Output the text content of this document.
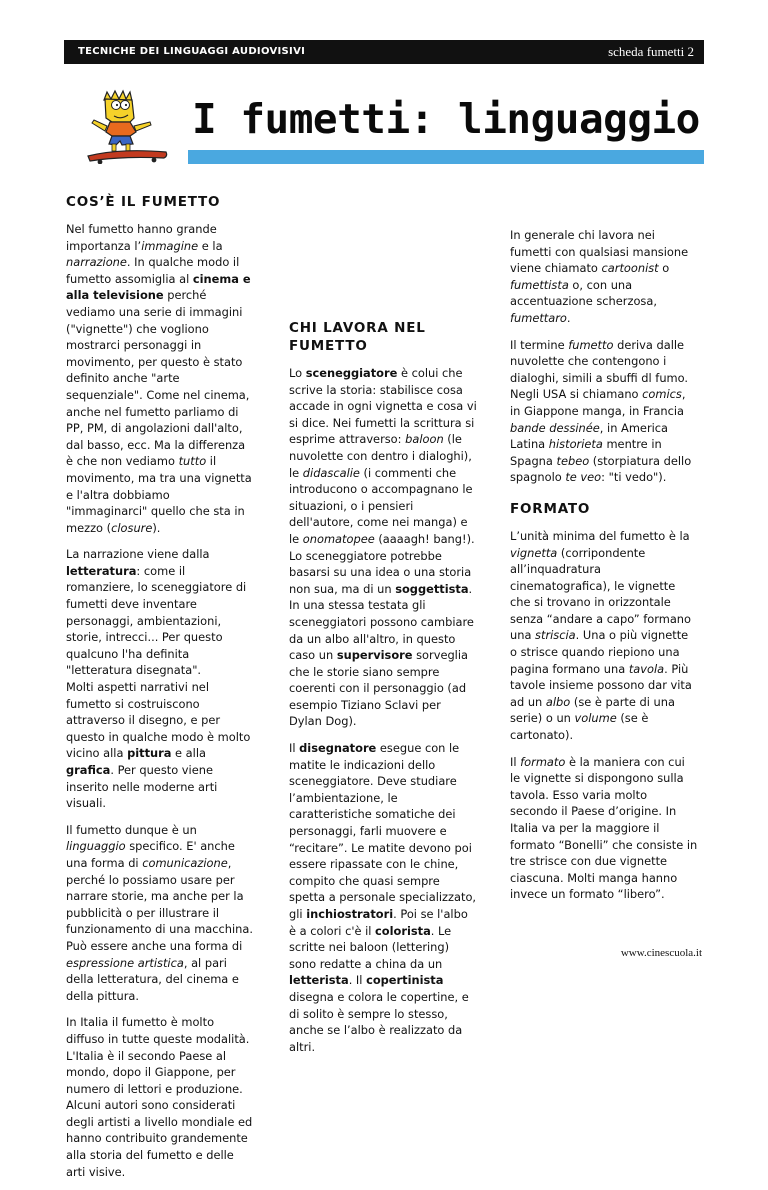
TECNICHE DEI LINGUAGGI AUDIOVISIVI	scheda fumetti 2
I fumetti: linguaggio
COS’È IL FUMETTO

Nel fumetto hanno grande importanza l’immagine e la narrazione. In qualche modo il fumetto assomiglia al cinema e alla televisione perché vediamo una serie di immagini ("vignette") che vogliono mostrarci personaggi in movimento, per questo è stato definito anche "arte sequenziale". Come nel cinema, anche nel fumetto parliamo di PP, PM, di angolazioni dall'alto, dal basso, ecc. Ma la differenza è che non vediamo tutto il movimento, ma tra una vignetta e l'altra dobbiamo "immaginarci" quello che sta in mezzo (closure).

La narrazione viene dalla letteratura: come il romanziere, lo sceneggiatore di fumetti deve inventare personaggi, ambientazioni, storie, intrecci... Per questo qualcuno l'ha definita "letteratura disegnata".
Molti aspetti narrativi nel fumetto si costruiscono attraverso il disegno, e per questo in qualche modo è molto vicino alla pittura e alla grafica. Per questo viene inserito nelle moderne arti visuali.

Il fumetto dunque è un linguaggio specifico. E' anche una forma di comunicazione, perché lo possiamo usare per narrare storie, ma anche per la pubblicità o per illustrare il funzionamento di una macchina. Può essere anche una forma di espressione artistica, al pari della letteratura, del cinema e della pittura.

In Italia il fumetto è molto diffuso in tutte queste modalità. L'Italia è il secondo Paese al mondo, dopo il Giappone, per numero di lettori e produzione. Alcuni autori sono considerati degli artisti a livello mondiale ed hanno contribuito grandemente alla storia del fumetto e delle arti visive.

CHI LAVORA NEL FUMETTO

Lo sceneggiatore è colui che scrive la storia: stabilisce cosa accade in ogni vignetta e cosa vi si dice. Nei fumetti la scrittura si esprime attraverso: baloon (le nuvolette con dentro i dialoghi), le didascalie (i commenti che introducono o accompagnano le situazioni, o i pensieri dell'autore, come nei manga) e le onomatopee (aaaagh! bang!). Lo sceneggiatore potrebbe basarsi su una idea o una storia non sua, ma di un soggettista. In una stessa testata gli sceneggiatori possono cambiare da un albo all'altro, in questo caso un supervisore sorveglia che le storie siano sempre coerenti con il personaggio (ad esempio Tiziano Sclavi per Dylan Dog).

Il disegnatore esegue con le matite le indicazioni dello sceneggiatore. Deve studiare l’ambientazione, le caratteristiche somatiche dei personaggi, farli muovere e “recitare”. Le matite devono poi essere ripassate con le chine, compito che quasi sempre spetta a personale specializzato, gli inchiostratori. Poi se l'albo è a colori c'è il colorista. Le scritte nei baloon (lettering) sono redatte a china da un letterista. Il copertinista disegna e colora le copertine, e di solito è sempre lo stesso, anche se l’albo è realizzato da altri.

In generale chi lavora nei fumetti con qualsiasi mansione viene chiamato cartoonist o fumettista o, con una accentuazione scherzosa, fumettaro.

Il termine fumetto deriva dalle nuvolette che contengono i dialoghi, simili a sbuffi dl fumo. Negli USA si chiamano comics, in Giappone manga, in Francia bande dessinée, in America Latina historieta mentre in Spagna tebeo (storpiatura dello spagnolo te veo: "ti vedo").

FORMATO

L’unità minima del fumetto è la vignetta (corripondente all’inquadratura cinematografica), le vignette che si trovano in orizzontale senza “andare a capo” formano una striscia. Una o più vignette o strisce quando riepiono una pagina formano una tavola. Più tavole insieme possono dar vita ad un albo (se è parte di una serie) o un volume (se è cartonato).

Il formato è la maniera con cui le vignette si dispongono sulla tavola. Esso varia molto secondo il Paese d’origine. In Italia va per la maggiore il formato “Bonelli” che consiste in tre strisce con due vignette ciascuna. Molti manga hanno invece un formato “libero”.

www.cinescuola.it
